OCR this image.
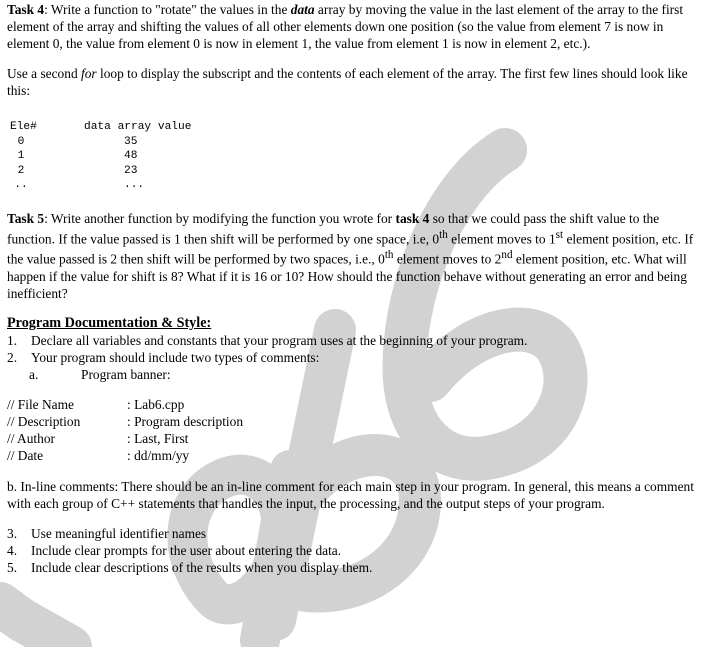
Task 4: Write a function to "rotate" the values in the data array by moving the value in the last element of the array to the first element of the array and shifting the values of all other elements down one position (so the value from element 7 is now in element 0, the value from element 0 is now in element 1, the value from element 1 is now in element 2, etc.).

Use a second for loop to display the subscript and the contents of each element of the array. The first few lines should look like this:

Ele#	data array value
0	35
1	48
2	23
..	...

Task 5: Write another function by modifying the function you wrote for task 4 so that we could pass the shift value to the function. If the value passed is 1 then shift will be performed by one space, i.e, 0th element moves to 1st element position, etc. If the value passed is 2 then shift will be performed by two spaces, i.e., 0th element moves to 2nd element position, etc. What will happen if the value for shift is 8? What if it is 16 or 10? How should the function behave without generating an error and being inefficient?

Program Documentation & Style:
1. Declare all variables and constants that your program uses at the beginning of your program.
2. Your program should include two types of comments:
a.	Program banner:
// File Name	: Lab6.cpp
// Description	: Program description
// Author	: Last, First
// Date	: dd/mm/yy

b. In-line comments: There should be an in-line comment for each main step in your program. In general, this means a comment with each group of C++ statements that handles the input, the processing, and the output steps of your program.

3. Use meaningful identifier names
4. Include clear prompts for the user about entering the data.
5. Include clear descriptions of the results when you display them.
